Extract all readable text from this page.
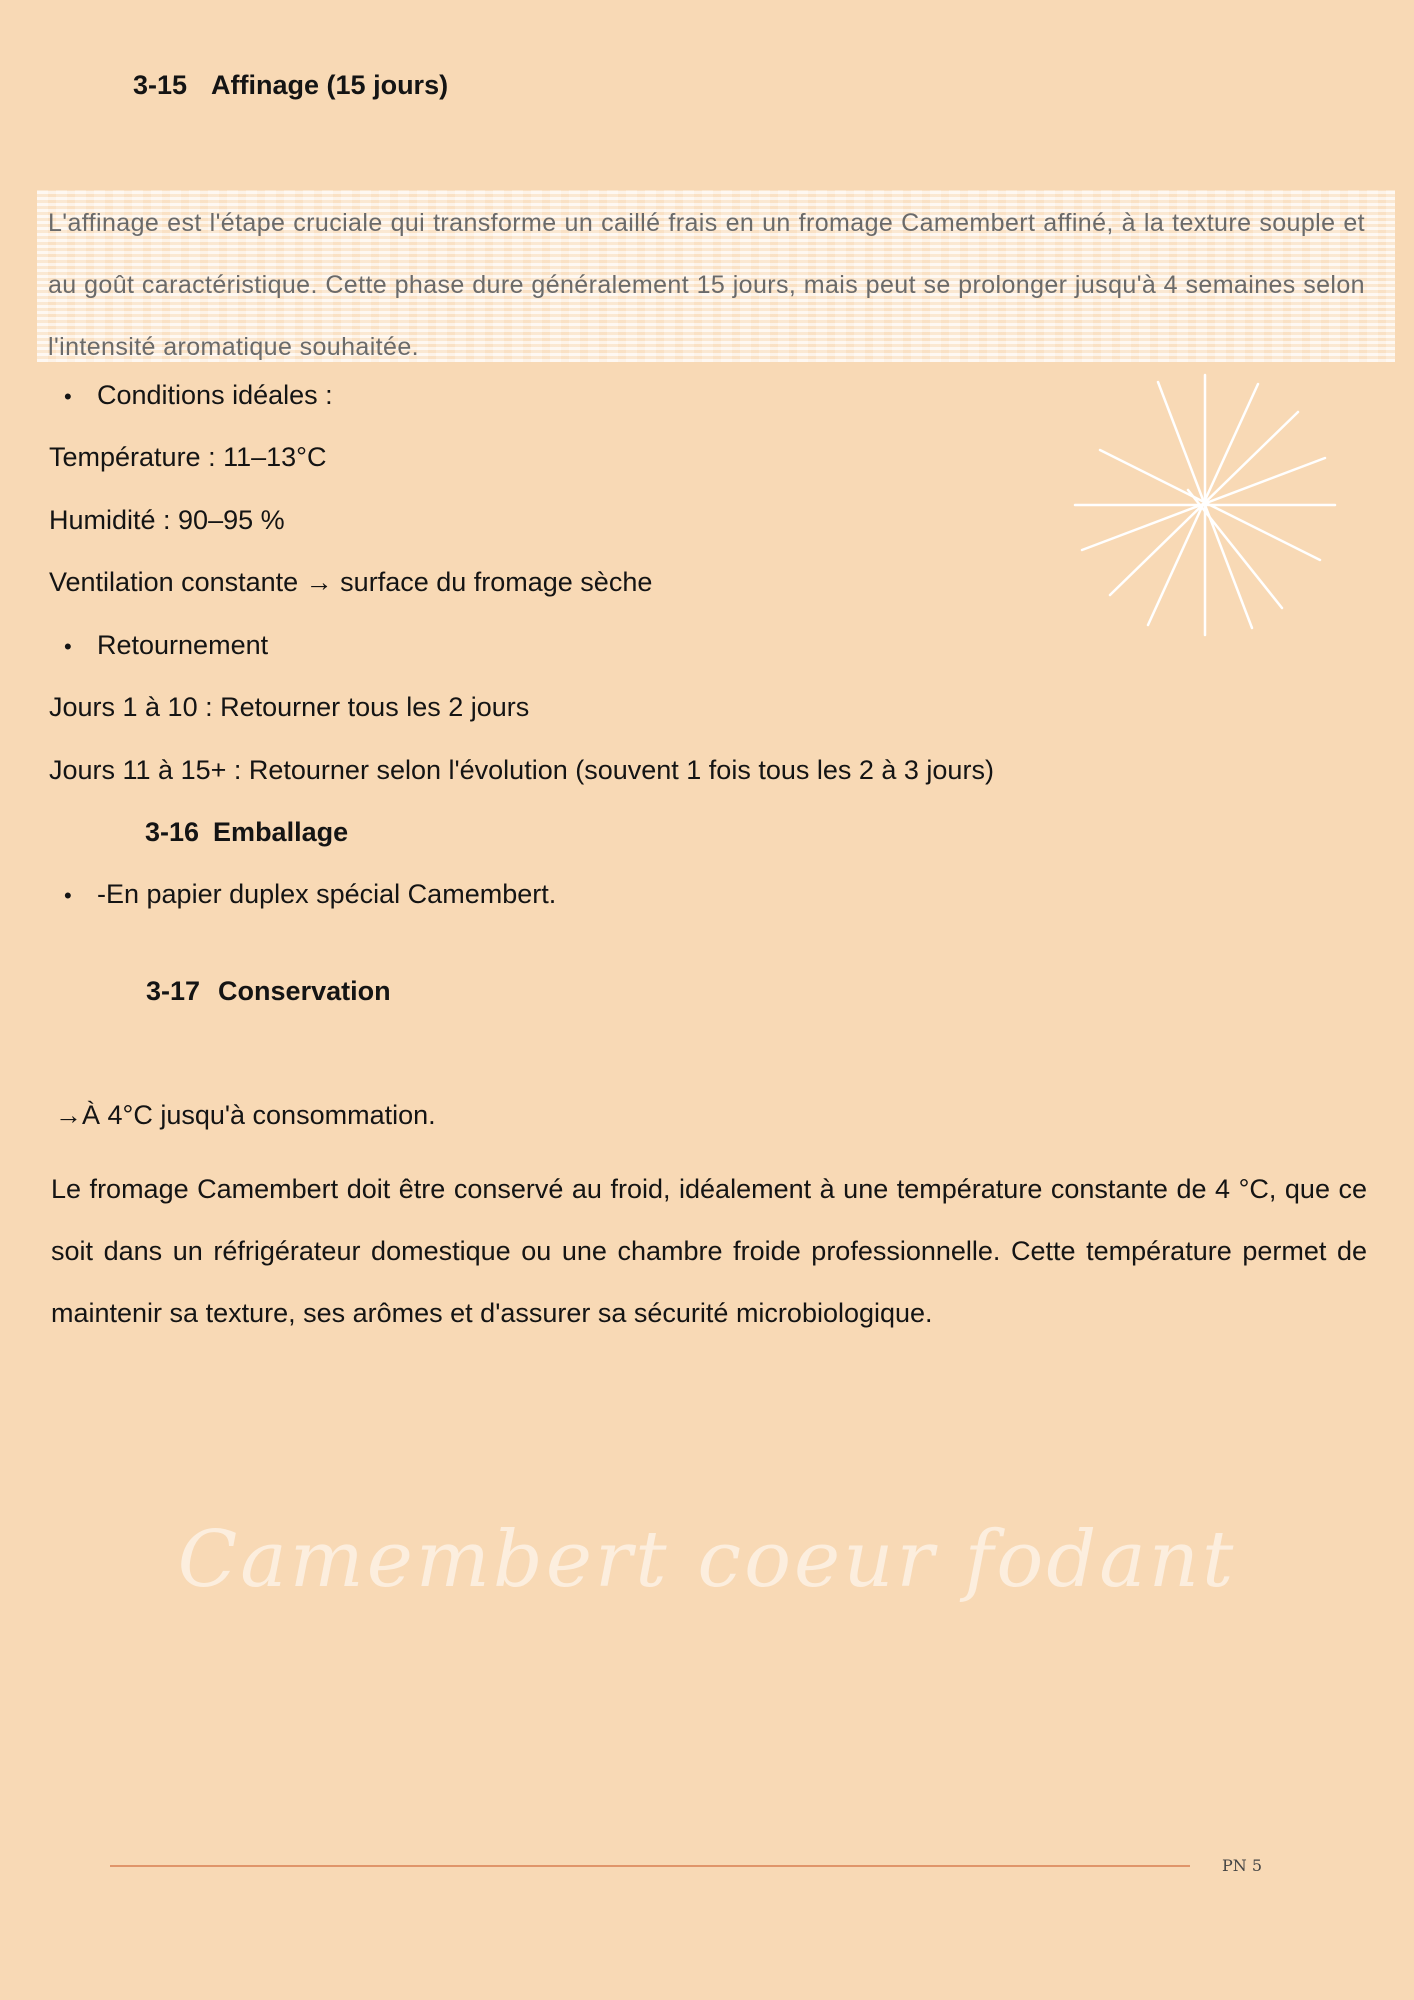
3-15 Affinage (15 jours)
L'affinage est l'étape cruciale qui transforme un caillé frais en un fromage Camembert affiné, à la texture souple et au goût caractéristique. Cette phase dure généralement 15 jours, mais peut se prolonger jusqu'à 4 semaines selon l'intensité aromatique souhaitée.
• Conditions idéales :
Température : 11–13°C
Humidité : 90–95 %
Ventilation constante → surface du fromage sèche
• Retournement
Jours 1 à 10 : Retourner tous les 2 jours
Jours 11 à 15+ : Retourner selon l'évolution (souvent 1 fois tous les 2 à 3 jours)
3-16 Emballage
• -En papier duplex spécial Camembert.
3-17 Conservation
→À 4°C jusqu'à consommation.
Le fromage Camembert doit être conservé au froid, idéalement à une température constante de 4 °C, que ce soit dans un réfrigérateur domestique ou une chambre froide professionnelle. Cette température permet de maintenir sa texture, ses arômes et d'assurer sa sécurité microbiologique.
Camembert coeur fodant
PN 5
